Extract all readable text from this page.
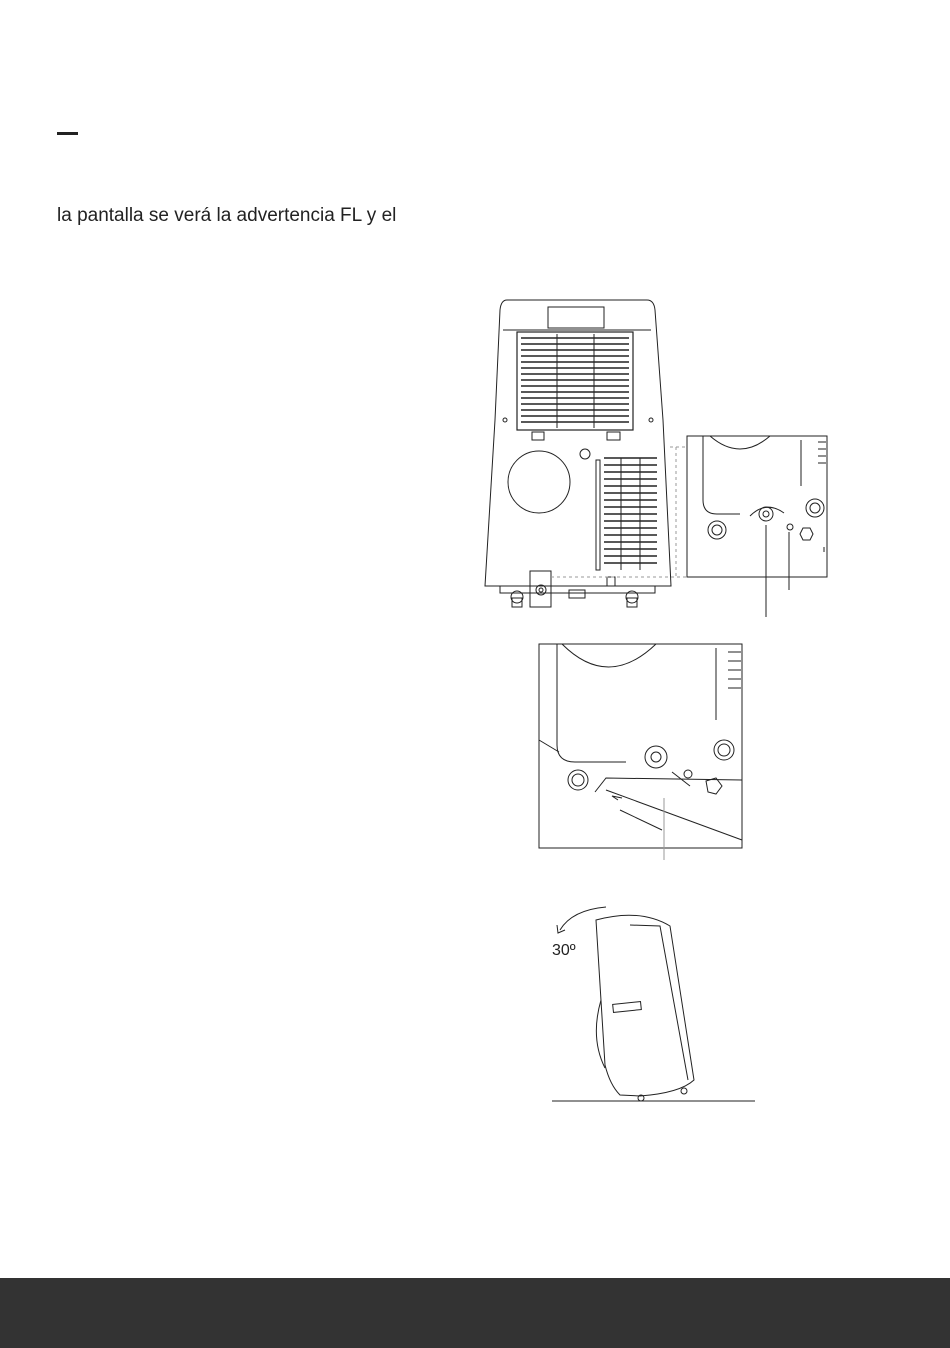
la pantalla se verá la advertencia FL y el
30º
